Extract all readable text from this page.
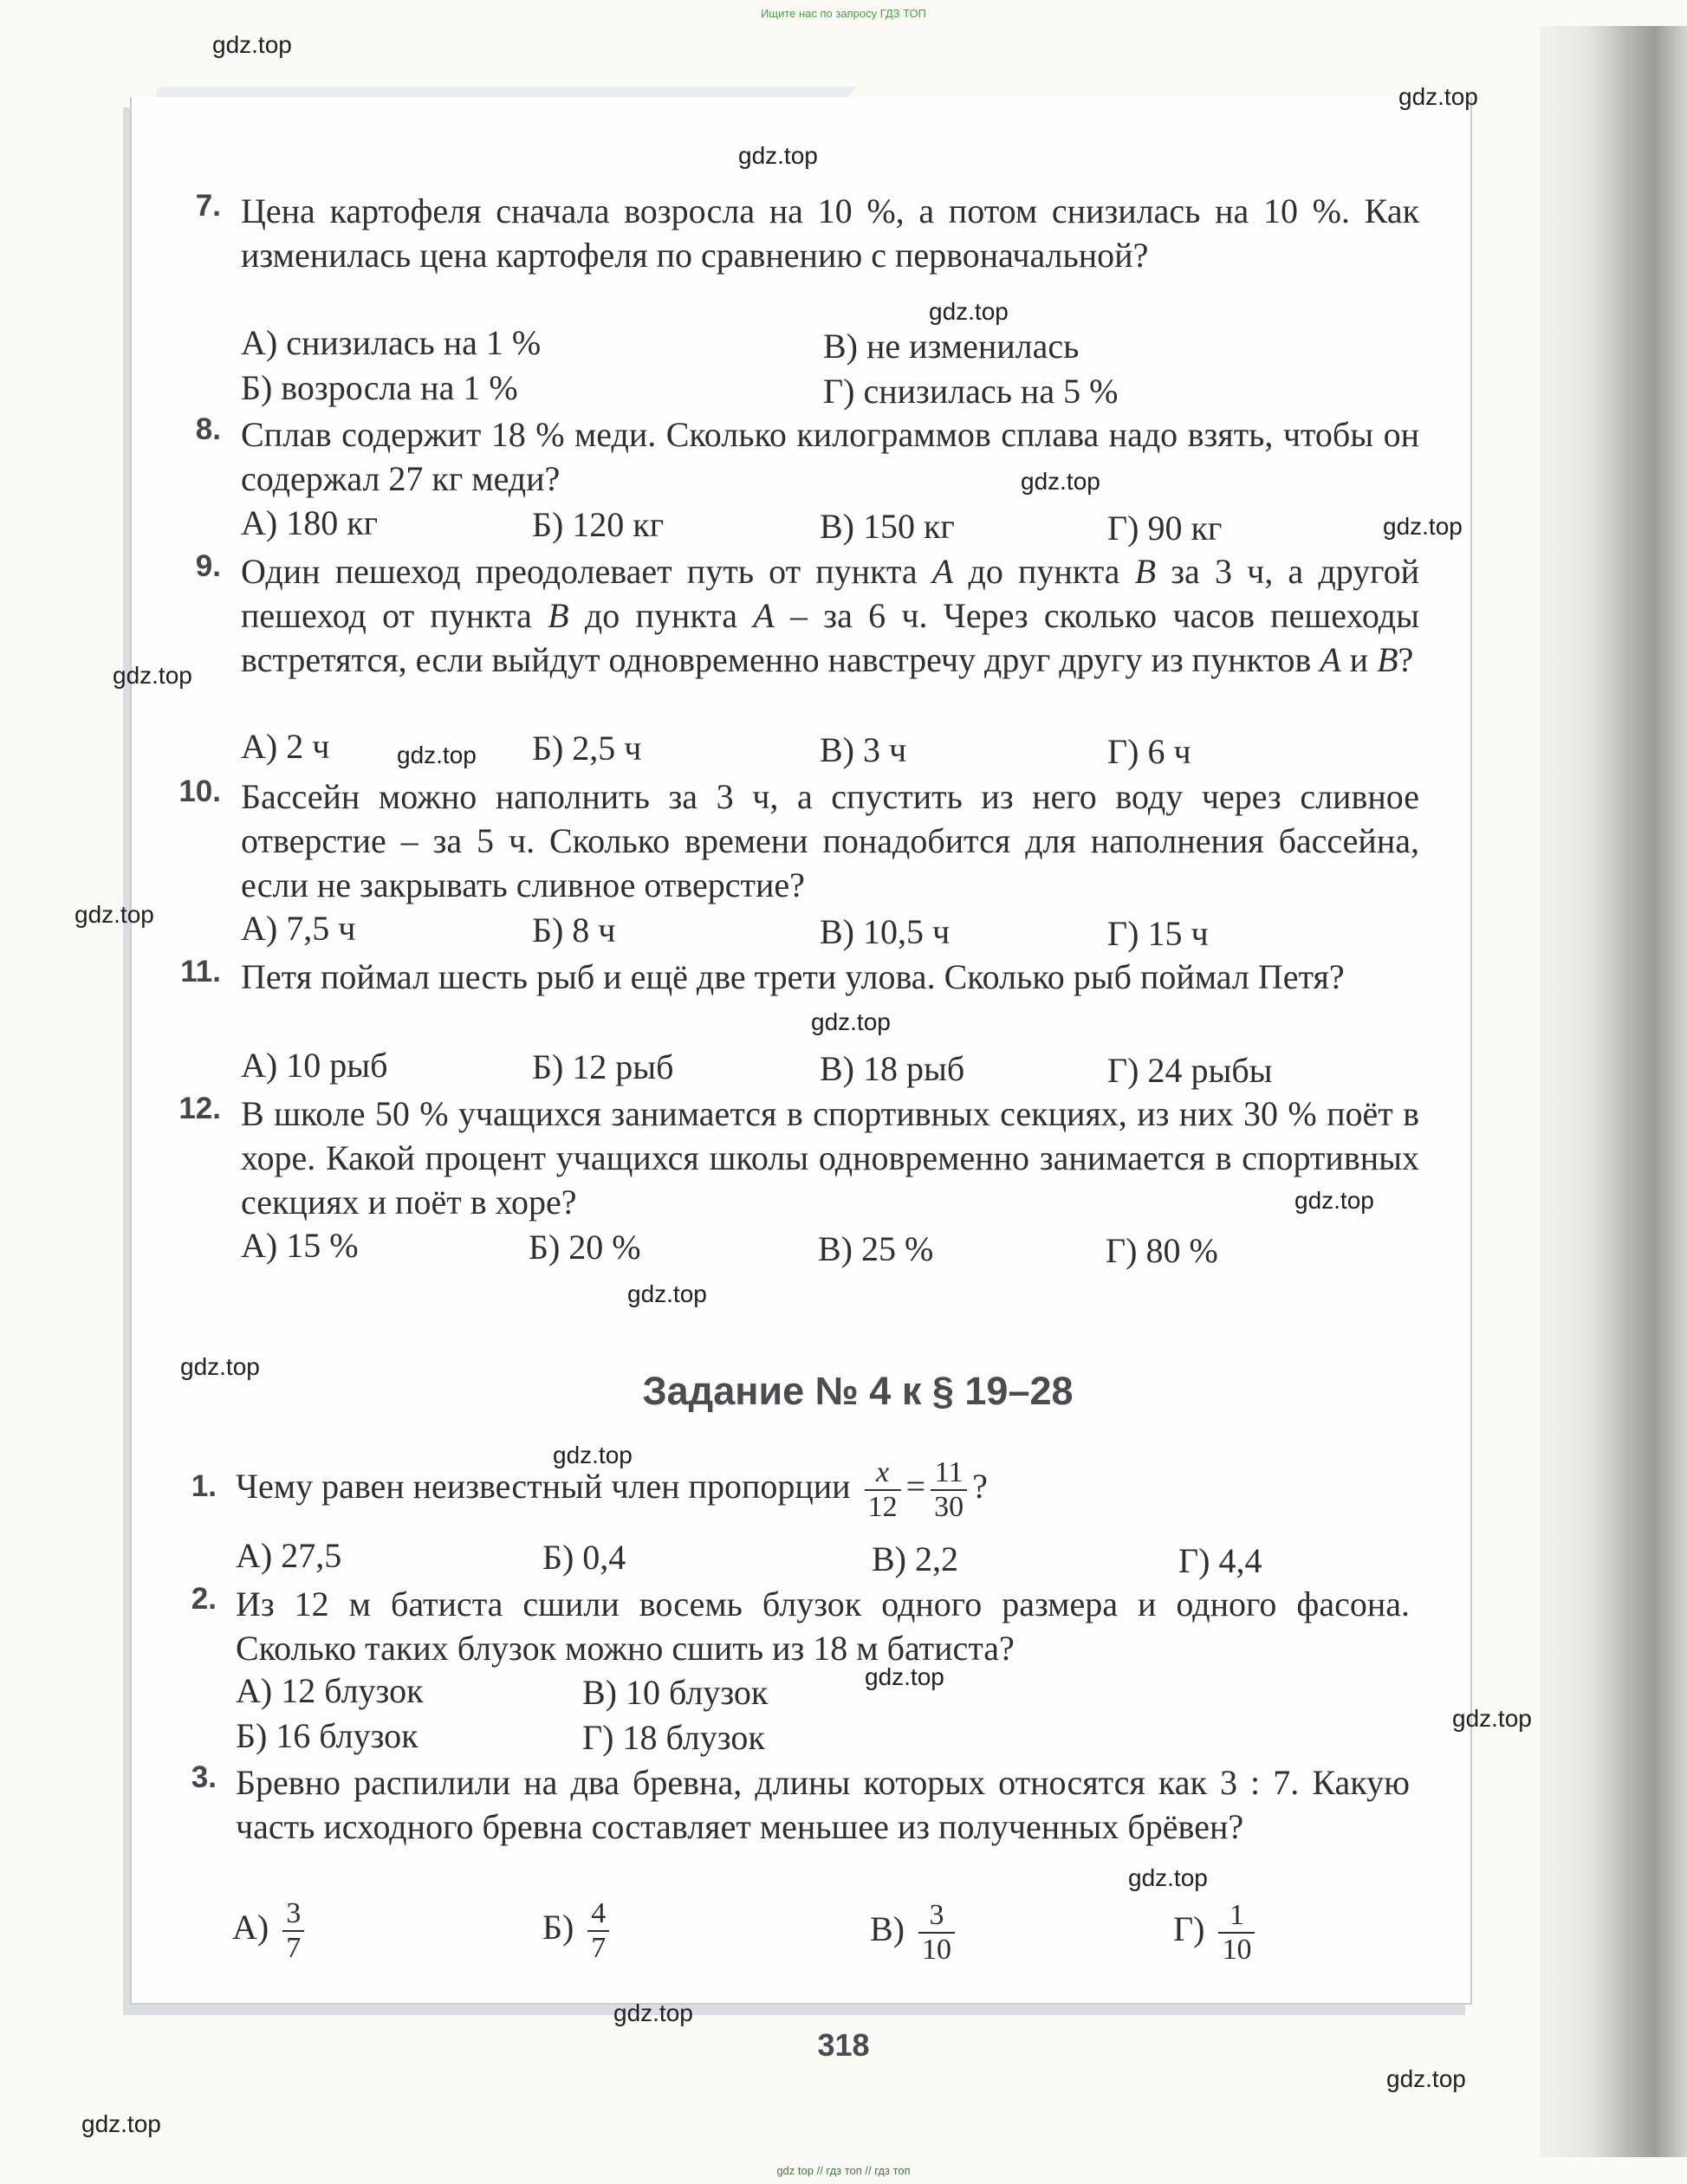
Ищите нас по запросу ГДЗ ТОП
7. Цена картофеля сначала возросла на 10 %, а потом снизилась на 10 %. Как изменилась цена картофеля по сравнению с первоначальной?
А) снизилась на 1 %	В) не изменилась
Б) возросла на 1 %	Г) снизилась на 5 %
8. Сплав содержит 18 % меди. Сколько килограммов сплава надо взять, чтобы он содержал 27 кг меди?
А) 180 кг	Б) 120 кг	В) 150 кг	Г) 90 кг
9. Один пешеход преодолевает путь от пункта A до пункта B за 3 ч, а другой пешеход от пункта B до пункта A – за 6 ч. Через сколько часов пешеходы встретятся, если выйдут одновременно навстречу друг другу из пунктов A и B?
А) 2 ч	Б) 2,5 ч	В) 3 ч	Г) 6 ч
10. Бассейн можно наполнить за 3 ч, а спустить из него воду через сливное отверстие – за 5 ч. Сколько времени понадобится для наполнения бассейна, если не закрывать сливное отверстие?
А) 7,5 ч	Б) 8 ч	В) 10,5 ч	Г) 15 ч
11. Петя поймал шесть рыб и ещё две трети улова. Сколько рыб поймал Петя?
А) 10 рыб	Б) 12 рыб	В) 18 рыб	Г) 24 рыбы
12. В школе 50 % учащихся занимается в спортивных секциях, из них 30 % поёт в хоре. Какой процент учащихся школы одновременно занимается в спортивных секциях и поёт в хоре?
А) 15 %	Б) 20 %	В) 25 %	Г) 80 %
Задание № 4 к § 19–28
1. Чему равен неизвестный член пропорции $\frac{x}{12} = \frac{11}{30}$ ?
А) 27,5	Б) 0,4	В) 2,2	Г) 4,4
2. Из 12 м батиста сшили восемь блузок одного размера и одного фасона. Сколько таких блузок можно сшить из 18 м батиста?
А) 12 блузок	В) 10 блузок
Б) 16 блузок	Г) 18 блузок
3. Бревно распилили на два бревна, длины которых относятся как 3 : 7. Какую часть исходного бревна составляет меньшее из полученных брёвен?
$А) \frac{3}{7}$	$Б) \frac{4}{7}$	$В) \frac{3}{10}$	$Г) \frac{1}{10}$
318
gdz.top
gdz.top
gdz.top
gdz.top
gdz.top
gdz.top
gdz.top
gdz.top
gdz.top
gdz.top
gdz.top
gdz.top
gdz.top
gdz.top
gdz.top
gdz.top
gdz.top
gdz.top
gdz.top
gdz.top
gdz top // гдз топ // гдз топ
